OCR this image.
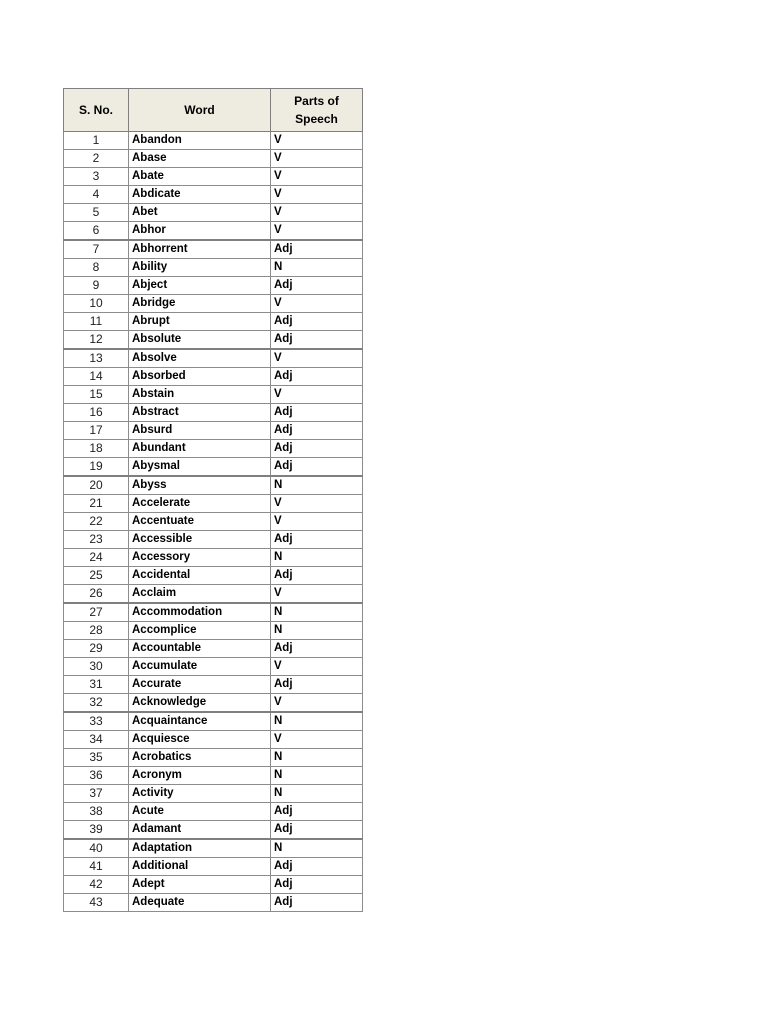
S. No.	Word	Parts of
Speech
1	Abandon	V
2	Abase	V
3	Abate	V
4	Abdicate	V
5	Abet	V
6	Abhor	V
7	Abhorrent	Adj
8	Ability	N
9	Abject	Adj
10	Abridge	V
11	Abrupt	Adj
12	Absolute	Adj
13	Absolve	V
14	Absorbed	Adj
15	Abstain	V
16	Abstract	Adj
17	Absurd	Adj
18	Abundant	Adj
19	Abysmal	Adj
20	Abyss	N
21	Accelerate	V
22	Accentuate	V
23	Accessible	Adj
24	Accessory	N
25	Accidental	Adj
26	Acclaim	V
27	Accommodation	N
28	Accomplice	N
29	Accountable	Adj
30	Accumulate	V
31	Accurate	Adj
32	Acknowledge	V
33	Acquaintance	N
34	Acquiesce	V
35	Acrobatics	N
36	Acronym	N
37	Activity	N
38	Acute	Adj
39	Adamant	Adj
40	Adaptation	N
41	Additional	Adj
42	Adept	Adj
43	Adequate	Adj
